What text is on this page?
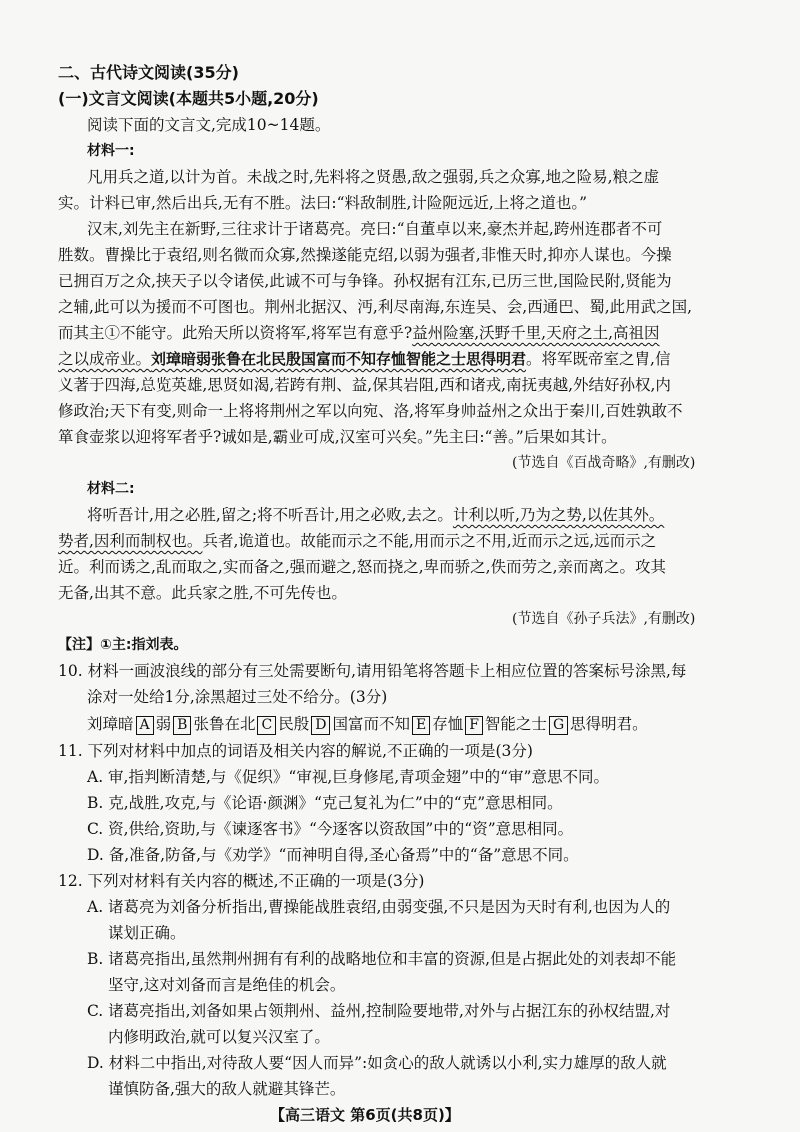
二、古代诗文阅读(35分)
(一)文言文阅读(本题共5小题,20分)
阅读下面的文言文,完成10~14题。
材料一:
凡用兵之道,以计为首。未战之时,先料将之贤愚,敌之强弱,兵之众寡,地之险易,粮之虚
实。计料已审,然后出兵,无有不胜。法曰:“料敌制胜,计险阨远近,上将之道也。”
汉末,刘先主在新野,三往求计于诸葛亮。亮曰:“自董卓以来,豪杰并起,跨州连郡者不可
胜数。曹操比于袁绍,则名微而众寡,然操遂能克绍,以弱为强者,非惟天时,抑亦人谋也。今操
已拥百万之众,挟天子以令诸侯,此诚不可与争锋。孙权据有江东,已历三世,国险民附,贤能为
之辅,此可以为援而不可图也。荆州北据汉、沔,利尽南海,东连吴、会,西通巴、蜀,此用武之国,
而其主①不能守。此殆天所以资将军,将军岂有意乎?益州险塞,沃野千里,天府之土,高祖因
之以成帝业。刘璋暗弱张鲁在北民殷国富而不知存恤智能之士思得明君。将军既帝室之胄,信
义著于四海,总览英雄,思贤如渴,若跨有荆、益,保其岩阻,西和诸戎,南抚夷越,外结好孙权,内
修政治;天下有变,则命一上将将荆州之军以向宛、洛,将军身帅益州之众出于秦川,百姓孰敢不
箪食壶浆以迎将军者乎?诚如是,霸业可成,汉室可兴矣。”先主曰:“善。”后果如其计。
(节选自《百战奇略》,有删改)
材料二:
将听吾计,用之必胜,留之;将不听吾计,用之必败,去之。计利以听,乃为之势,以佐其外。
势者,因利而制权也。兵者,诡道也。故能而示之不能,用而示之不用,近而示之远,远而示之
近。利而诱之,乱而取之,实而备之,强而避之,怒而挠之,卑而骄之,佚而劳之,亲而离之。攻其
无备,出其不意。此兵家之胜,不可先传也。
(节选自《孙子兵法》,有删改)
【注】①主:指刘表。
10. 材料一画波浪线的部分有三处需要断句,请用铅笔将答题卡上相应位置的答案标号涂黑,每
涂对一处给1分,涂黑超过三处不给分。(3分)
刘璋暗 A 弱 B 张鲁在北 C 民殷 D 国富而不知 E 存恤 F 智能之士 G 思得明君。
11. 下列对材料中加点的词语及相关内容的解说,不正确的一项是(3分)
A. 审,指判断清楚,与《促织》“审视,巨身修尾,青项金翅”中的“审”意思不同。
B. 克,战胜,攻克,与《论语·颜渊》“克己复礼为仁”中的“克”意思相同。
C. 资,供给,资助,与《谏逐客书》“今逐客以资敌国”中的“资”意思相同。
D. 备,准备,防备,与《劝学》“而神明自得,圣心备焉”中的“备”意思不同。
12. 下列对材料有关内容的概述,不正确的一项是(3分)
A. 诸葛亮为刘备分析指出,曹操能战胜袁绍,由弱变强,不只是因为天时有利,也因为人的
谋划正确。
B. 诸葛亮指出,虽然荆州拥有有利的战略地位和丰富的资源,但是占据此处的刘表却不能
坚守,这对刘备而言是绝佳的机会。
C. 诸葛亮指出,刘备如果占领荆州、益州,控制险要地带,对外与占据江东的孙权结盟,对
内修明政治,就可以复兴汉室了。
D. 材料二中指出,对待敌人要“因人而异”:如贪心的敌人就诱以小利,实力雄厚的敌人就
谨慎防备,强大的敌人就避其锋芒。
【高三语文 第6页(共8页)】
